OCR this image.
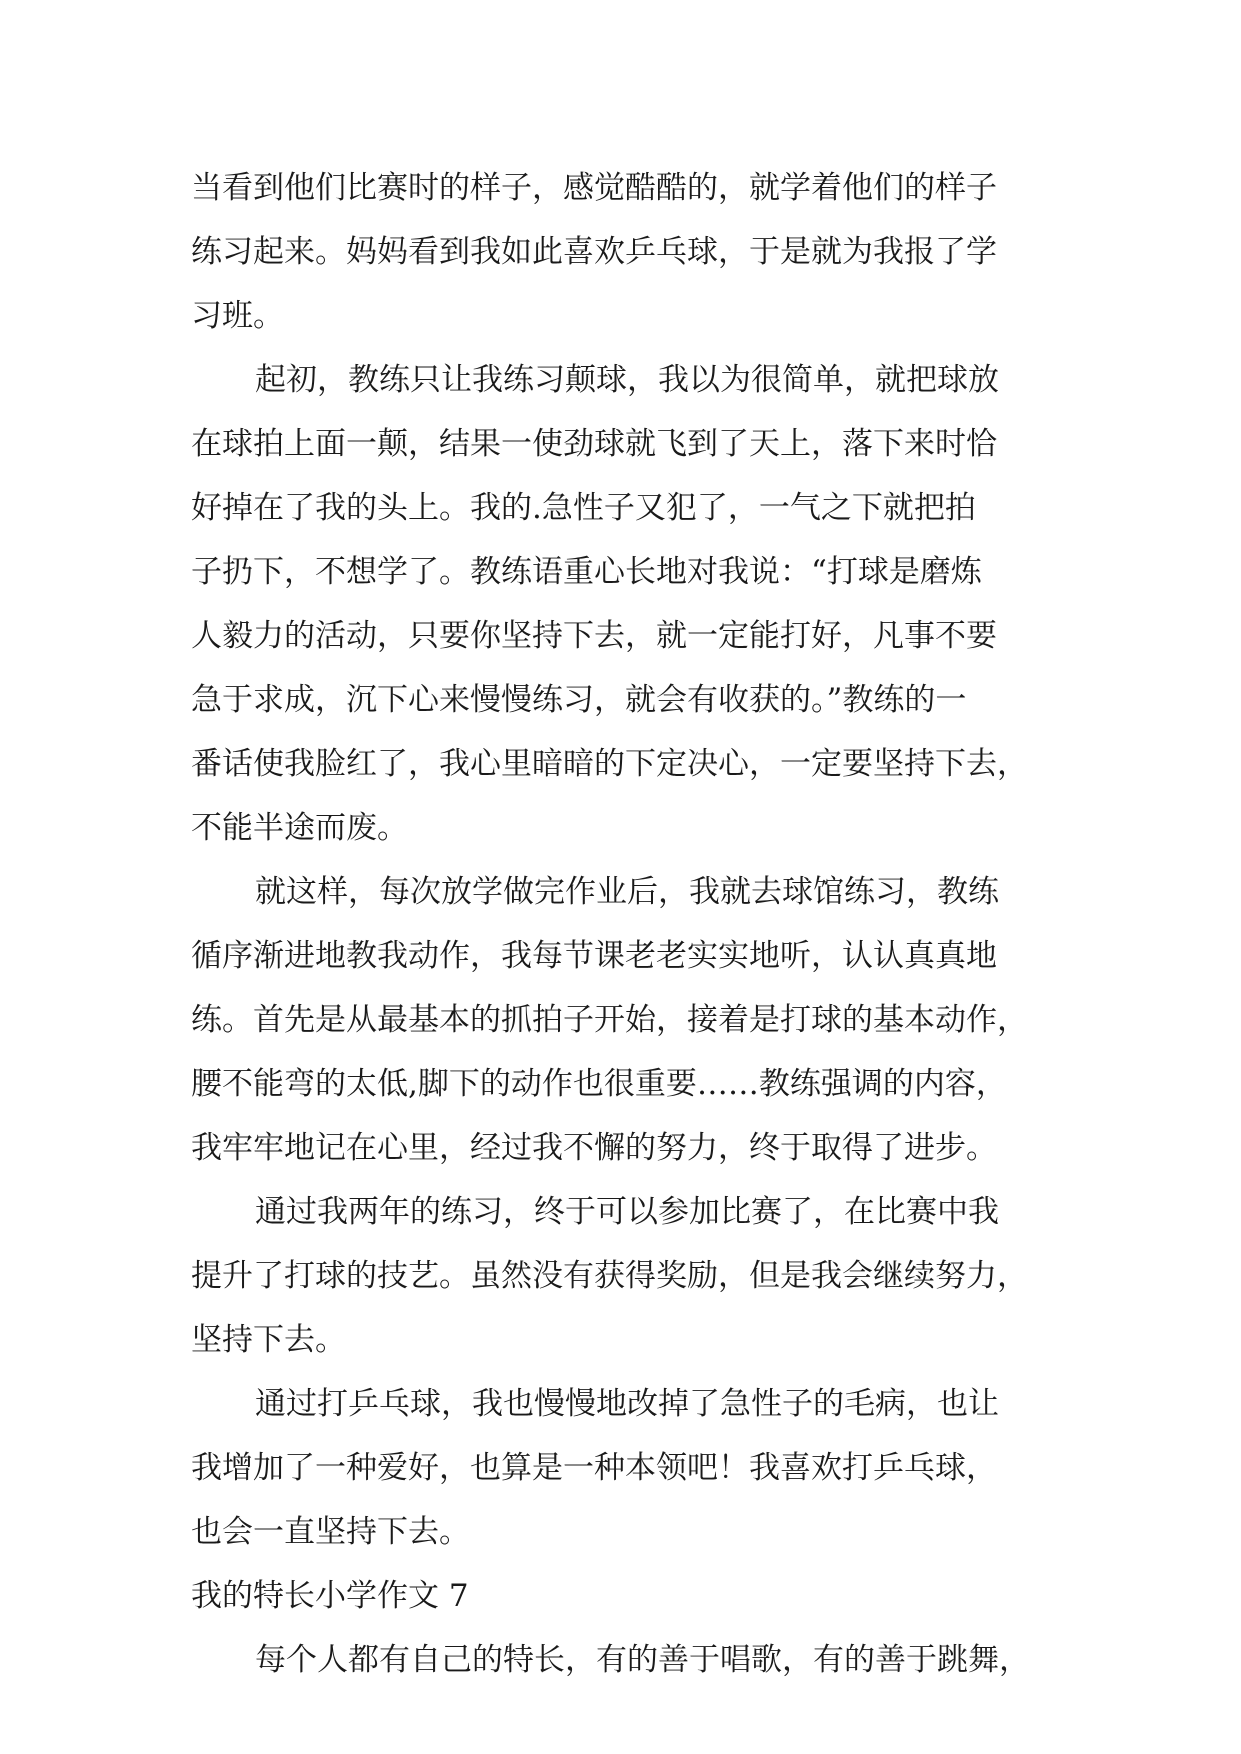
当看到他们比赛时的样子，感觉酷酷的，就学着他们的样子
练习起来。妈妈看到我如此喜欢乒乓球，于是就为我报了学
习班。
起初，教练只让我练习颠球，我以为很简单，就把球放
在球拍上面一颠，结果一使劲球就飞到了天上，落下来时恰
好掉在了我的头上。我的.急性子又犯了，一气之下就把拍
子扔下，不想学了。教练语重心长地对我说：“打球是磨炼
人毅力的活动，只要你坚持下去，就一定能打好，凡事不要
急于求成，沉下心来慢慢练习，就会有收获的。”教练的一
番话使我脸红了，我心里暗暗的下定决心，一定要坚持下去，
不能半途而废。
就这样，每次放学做完作业后，我就去球馆练习，教练
循序渐进地教我动作，我每节课老老实实地听，认认真真地
练。首先是从最基本的抓拍子开始，接着是打球的基本动作，
腰不能弯的太低,脚下的动作也很重要……教练强调的内容，
我牢牢地记在心里，经过我不懈的努力，终于取得了进步。
通过我两年的练习，终于可以参加比赛了，在比赛中我
提升了打球的技艺。虽然没有获得奖励，但是我会继续努力，
坚持下去。
通过打乒乓球，我也慢慢地改掉了急性子的毛病，也让
我增加了一种爱好，也算是一种本领吧！我喜欢打乒乓球，
也会一直坚持下去。
我的特长小学作文 7
每个人都有自己的特长，有的善于唱歌，有的善于跳舞，
